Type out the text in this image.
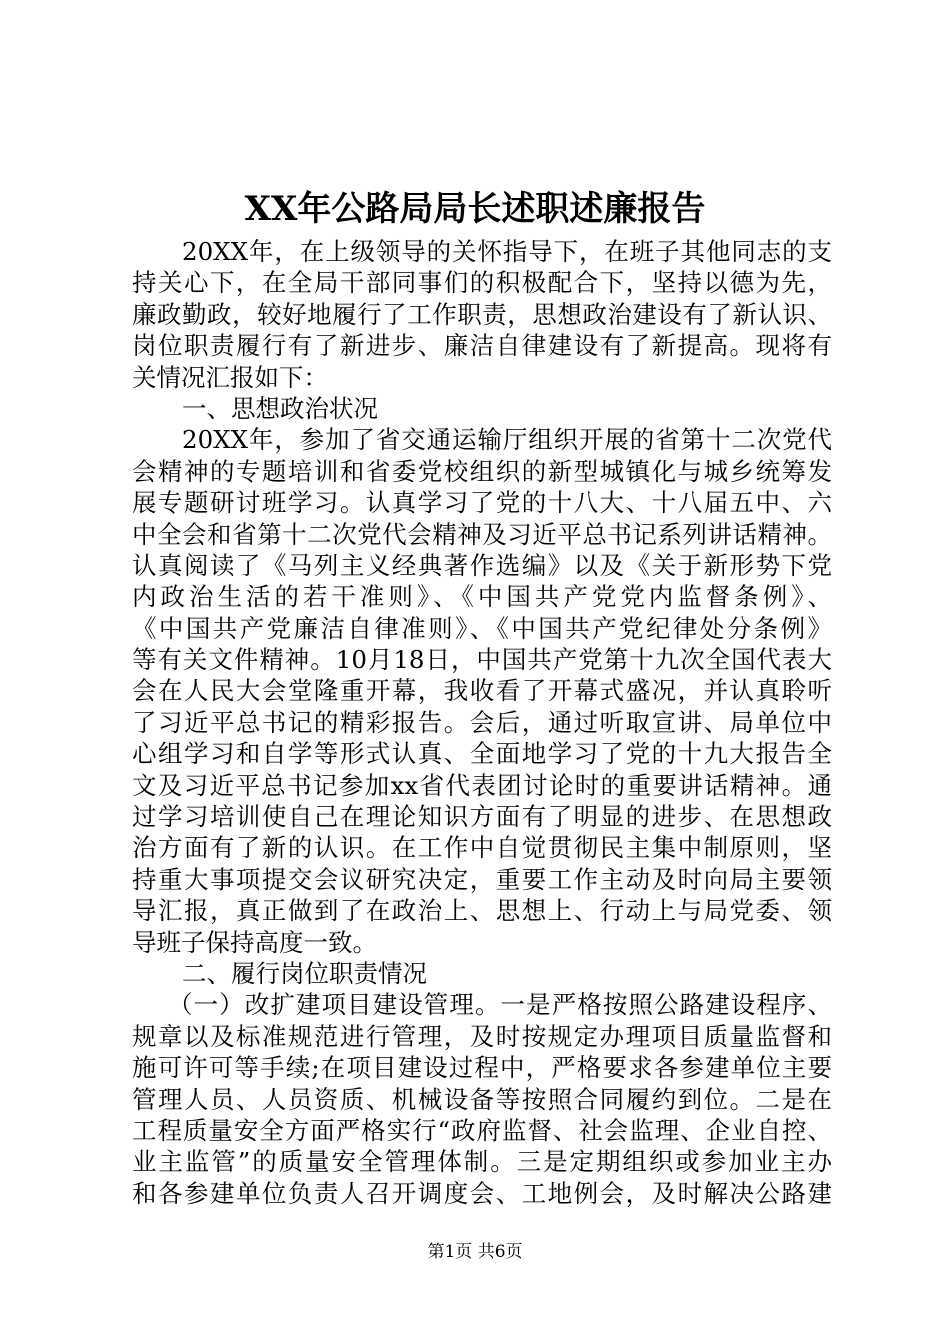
XX年公路局局长述职述廉报告
20XX年，在上级领导的关怀指导下，在班子其他同志的支
持关心下，在全局干部同事们的积极配合下，坚持以德为先，
廉政勤政，较好地履行了工作职责，思想政治建设有了新认识、
岗位职责履行有了新进步、廉洁自律建设有了新提高。现将有
关情况汇报如下：
一、思想政治状况
20XX年，参加了省交通运输厅组织开展的省第十二次党代
会精神的专题培训和省委党校组织的新型城镇化与城乡统筹发
展专题研讨班学习。认真学习了党的十八大、十八届五中、六
中全会和省第十二次党代会精神及习近平总书记系列讲话精神。
认真阅读了《马列主义经典著作选编》以及《关于新形势下党
内政治生活的若干准则》、《中国共产党党内监督条例》、
《中国共产党廉洁自律准则》、《中国共产党纪律处分条例》
等有关文件精神。10月18日，中国共产党第十九次全国代表大
会在人民大会堂隆重开幕，我收看了开幕式盛况，并认真聆听
了习近平总书记的精彩报告。会后，通过听取宣讲、局单位中
心组学习和自学等形式认真、全面地学习了党的十九大报告全
文及习近平总书记参加xx省代表团讨论时的重要讲话精神。通
过学习培训使自己在理论知识方面有了明显的进步、在思想政
治方面有了新的认识。在工作中自觉贯彻民主集中制原则，坚
持重大事项提交会议研究决定，重要工作主动及时向局主要领
导汇报，真正做到了在政治上、思想上、行动上与局党委、领
导班子保持高度一致。
二、履行岗位职责情况
（一）改扩建项目建设管理。一是严格按照公路建设程序、
规章以及标准规范进行管理，及时按规定办理项目质量监督和
施可许可等手续;在项目建设过程中，严格要求各参建单位主要
管理人员、人员资质、机械设备等按照合同履约到位。二是在
工程质量安全方面严格实行“政府监督、社会监理、企业自控、
业主监管”的质量安全管理体制。三是定期组织或参加业主办
和各参建单位负责人召开调度会、工地例会，及时解决公路建
第1页 共6页
